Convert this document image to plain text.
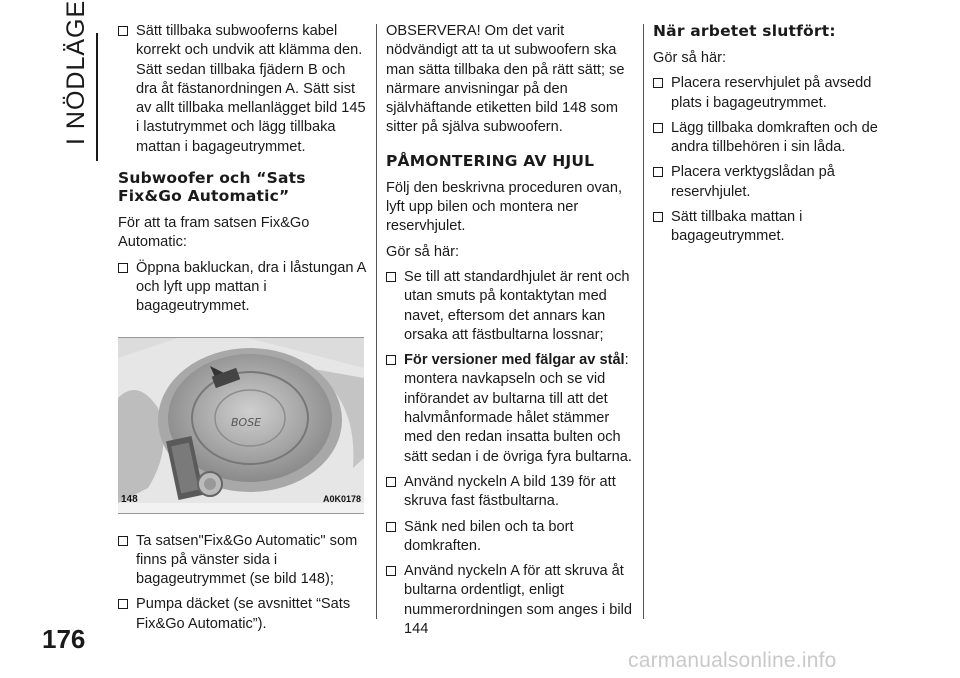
I NÖDLÄGE	Sätt tillbaka subwooferns kabel korrekt och undvik att klämma den. Sätt sedan tillbaka fjädern B och dra åt fästanordningen A. Sätt sist av allt tillbaka mellanlägget bild 145 i lastutrymmet och lägg tillbaka mattan i bagageutrymmet.
Subwoofer och “Sats Fix&Go Automatic”

För att ta fram satsen Fix&Go Automatic:

Öppna bakluckan, dra i låstungan A och lyft upp mattan i bagageutrymmet.
BOSE
148	A0K0178
Ta satsen"Fix&Go Automatic" som finns på vänster sida i bagageutrymmet (se bild 148);
Pumpa däcket (se avsnittet “Sats Fix&Go Automatic”).

OBSERVERA! Om det varit nödvändigt att ta ut subwoofern ska man sätta tillbaka den på rätt sätt; se närmare anvisningar på den självhäftande etiketten bild 148 som sitter på själva subwoofern.

PÅMONTERING AV HJUL

Följ den beskrivna proceduren ovan, lyft upp bilen och montera ner reservhjulet.

Gör så här:

Se till att standardhjulet är rent och utan smuts på kontaktytan med navet, eftersom det annars kan orsaka att fästbultarna lossnar;
För versioner med fälgar av stål: montera navkapseln och se vid införandet av bultarna till att det halvmånformade hålet stämmer med den redan insatta bulten och sätt sedan i de övriga fyra bultarna.
Använd nyckeln A bild 139 för att skruva fast fästbultarna.
Sänk ned bilen och ta bort domkraften.
Använd nyckeln A för att skruva åt bultarna ordentligt, enligt nummerordningen som anges i bild 144
När arbetet slutfört:

Gör så här:

Placera reservhjulet på avsedd plats i bagageutrymmet.
Lägg tillbaka domkraften och de andra tillbehören i sin låda.
Placera verktygslådan på reservhjulet.
Sätt tillbaka mattan i bagageutrymmet.
176
carmanualsonline.info
